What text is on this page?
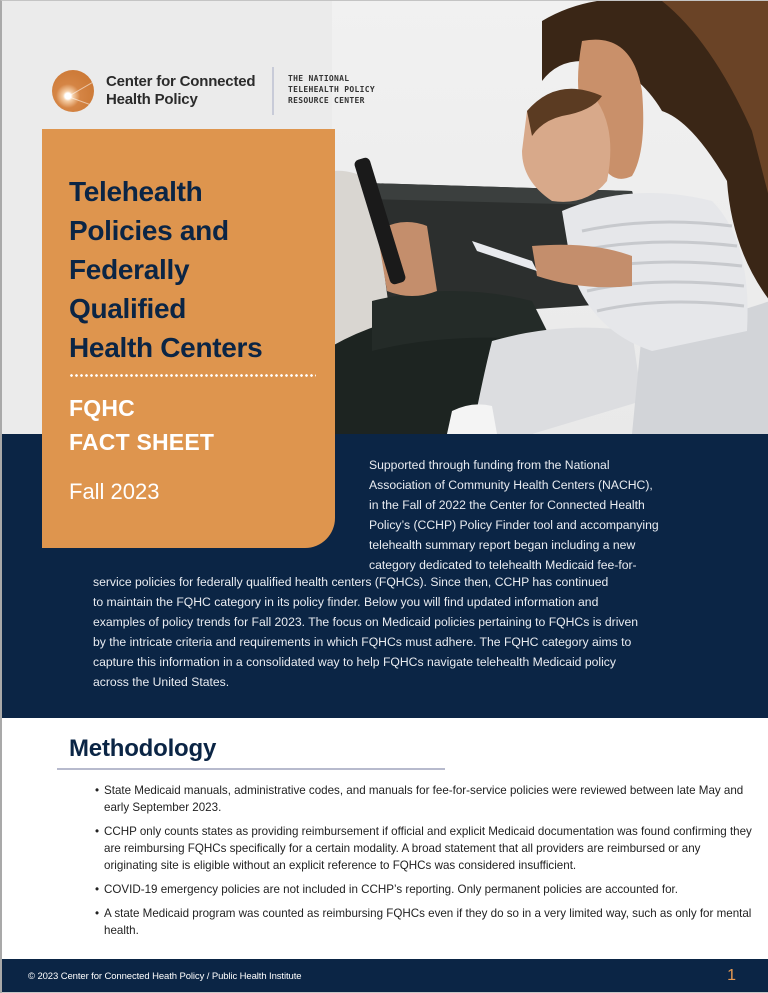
Center for Connected
Health Policy
THE NATIONAL
TELEHEALTH POLICY
RESOURCE CENTER
Supported through funding from the National
Association of Community Health Centers (NACHC),
in the Fall of 2022 the Center for Connected Health
Policy’s (CCHP) Policy Finder tool and accompanying
telehealth summary report began including a new
category dedicated to telehealth Medicaid fee-for-
service policies for federally qualified health centers (FQHCs). Since then, CCHP has continued
to maintain the FQHC category in its policy finder. Below you will find updated information and
examples of policy trends for Fall 2023. The focus on Medicaid policies pertaining to FQHCs is driven
by the intricate criteria and requirements in which FQHCs must adhere. The FQHC category aims to
capture this information in a consolidated way to help FQHCs navigate telehealth Medicaid policy
across the United States.
Telehealth
Policies and
Federally
Qualified
Health Centers
FQHC
FACT SHEET
Fall 2023
Methodology
• State Medicaid manuals, administrative codes, and manuals for fee-for-service policies were reviewed between late May and early September 2023.
• CCHP only counts states as providing reimbursement if official and explicit Medicaid documentation was found confirming they are reimbursing FQHCs specifically for a certain modality. A broad statement that all providers are reimbursed or any originating site is eligible without an explicit reference to FQHCs was considered insufficient.
• COVID-19 emergency policies are not included in CCHP’s reporting. Only permanent policies are accounted for.
• A state Medicaid program was counted as reimbursing FQHCs even if they do so in a very limited way, such as only for mental health.
© 2023 Center for Connected Heath Policy / Public Health Institute	1
